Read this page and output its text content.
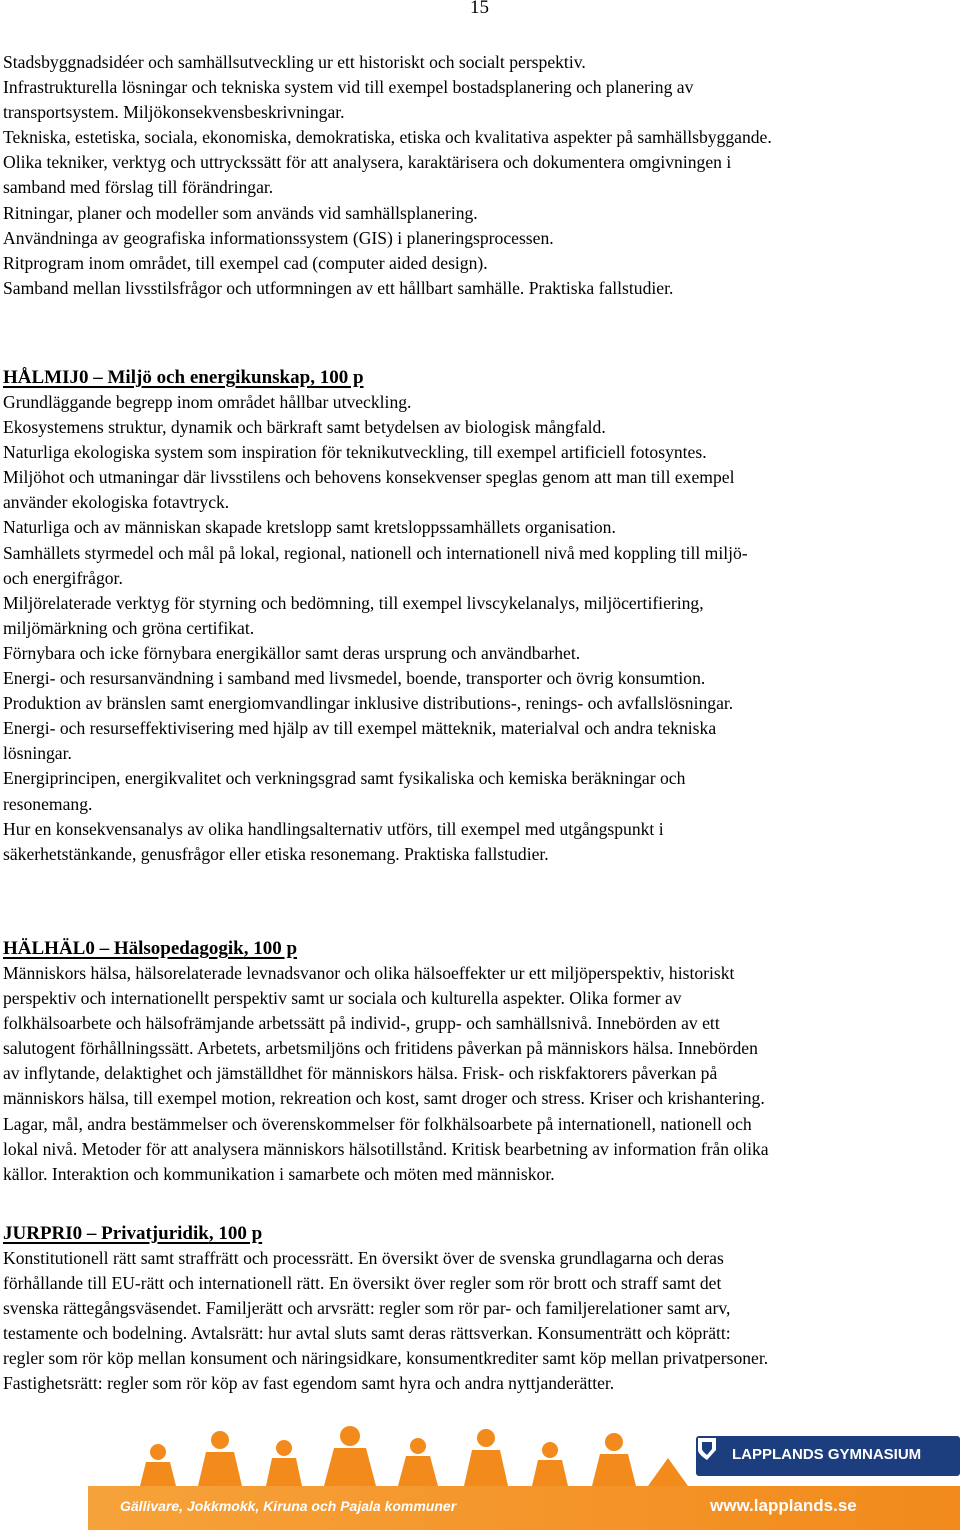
15
Stadsbyggnadsidéer och samhällsutveckling ur ett historiskt och socialt perspektiv.
Infrastrukturella lösningar och tekniska system vid till exempel bostadsplanering och planering av
transportsystem. Miljökonsekvensbeskrivningar.
Tekniska, estetiska, sociala, ekonomiska, demokratiska, etiska och kvalitativa aspekter på samhällsbyggande.
Olika tekniker, verktyg och uttryckssätt för att analysera, karaktärisera och dokumentera omgivningen i
samband med förslag till förändringar.
Ritningar, planer och modeller som används vid samhällsplanering.
Användninga av geografiska informationssystem (GIS) i planeringsprocessen.
Ritprogram inom området, till exempel cad (computer aided design).
Samband mellan livsstilsfrågor och utformningen av ett hållbart samhälle. Praktiska fallstudier.
HÅLMIJ0 – Miljö och energikunskap, 100 p
Grundläggande begrepp inom området hållbar utveckling.
Ekosystemens struktur, dynamik och bärkraft samt betydelsen av biologisk mångfald.
Naturliga ekologiska system som inspiration för teknikutveckling, till exempel artificiell fotosyntes.
Miljöhot och utmaningar där livsstilens och behovens konsekvenser speglas genom att man till exempel
använder ekologiska fotavtryck.
Naturliga och av människan skapade kretslopp samt kretsloppssamhällets organisation.
Samhällets styrmedel och mål på lokal, regional, nationell och internationell nivå med koppling till miljö-
och energifrågor.
Miljörelaterade verktyg för styrning och bedömning, till exempel livscykelanalys, miljöcertifiering,
miljömärkning och gröna certifikat.
Förnybara och icke förnybara energikällor samt deras ursprung och användbarhet.
Energi- och resursanvändning i samband med livsmedel, boende, transporter och övrig konsumtion.
Produktion av bränslen samt energiomvandlingar inklusive distributions-, renings- och avfallslösningar.
Energi- och resurseffektivisering med hjälp av till exempel mätteknik, materialval och andra tekniska
lösningar.
Energiprincipen, energikvalitet och verkningsgrad samt fysikaliska och kemiska beräkningar och
resonemang.
Hur en konsekvensanalys av olika handlingsalternativ utförs, till exempel med utgångspunkt i
säkerhetstänkande, genusfrågor eller etiska resonemang. Praktiska fallstudier.
HÄLHÄL0 – Hälsopedagogik, 100 p
Människors hälsa, hälsorelaterade levnadsvanor och olika hälsoeffekter ur ett miljöperspektiv, historiskt
perspektiv och internationellt perspektiv samt ur sociala och kulturella aspekter. Olika former av
folkhälsoarbete och hälsofrämjande arbetssätt på individ-, grupp- och samhällsnivå. Innebörden av ett
salutogent förhållningssätt. Arbetets, arbetsmiljöns och fritidens påverkan på människors hälsa. Innebörden
av inflytande, delaktighet och jämställdhet för människors hälsa. Frisk- och riskfaktorers påverkan på
människors hälsa, till exempel motion, rekreation och kost, samt droger och stress. Kriser och krishantering.
Lagar, mål, andra bestämmelser och överenskommelser för folkhälsoarbete på internationell, nationell och
lokal nivå. Metoder för att analysera människors hälsotillstånd. Kritisk bearbetning av information från olika
källor. Interaktion och kommunikation i samarbete och möten med människor.
JURPRI0 – Privatjuridik, 100 p
Konstitutionell rätt samt straffrätt och processrätt. En översikt över de svenska grundlagarna och deras
förhållande till EU-rätt och internationell rätt. En översikt över regler som rör brott och straff samt det
svenska rättegångsväsendet. Familjerätt och arvsrätt: regler som rör par- och familjerelationer samt arv,
testamente och bodelning. Avtalsrätt: hur avtal sluts samt deras rättsverkan. Konsumenträtt och köprätt:
regler som rör köp mellan konsument och näringsidkare, konsumentkrediter samt köp mellan privatpersoner.
Fastighetsrätt: regler som rör köp av fast egendom samt hyra och andra nyttjanderätter.
Gällivare, Jokkmokk, Kiruna och Pajala kommuner
LAPPLANDS GYMNASIUM
www.lapplands.se
